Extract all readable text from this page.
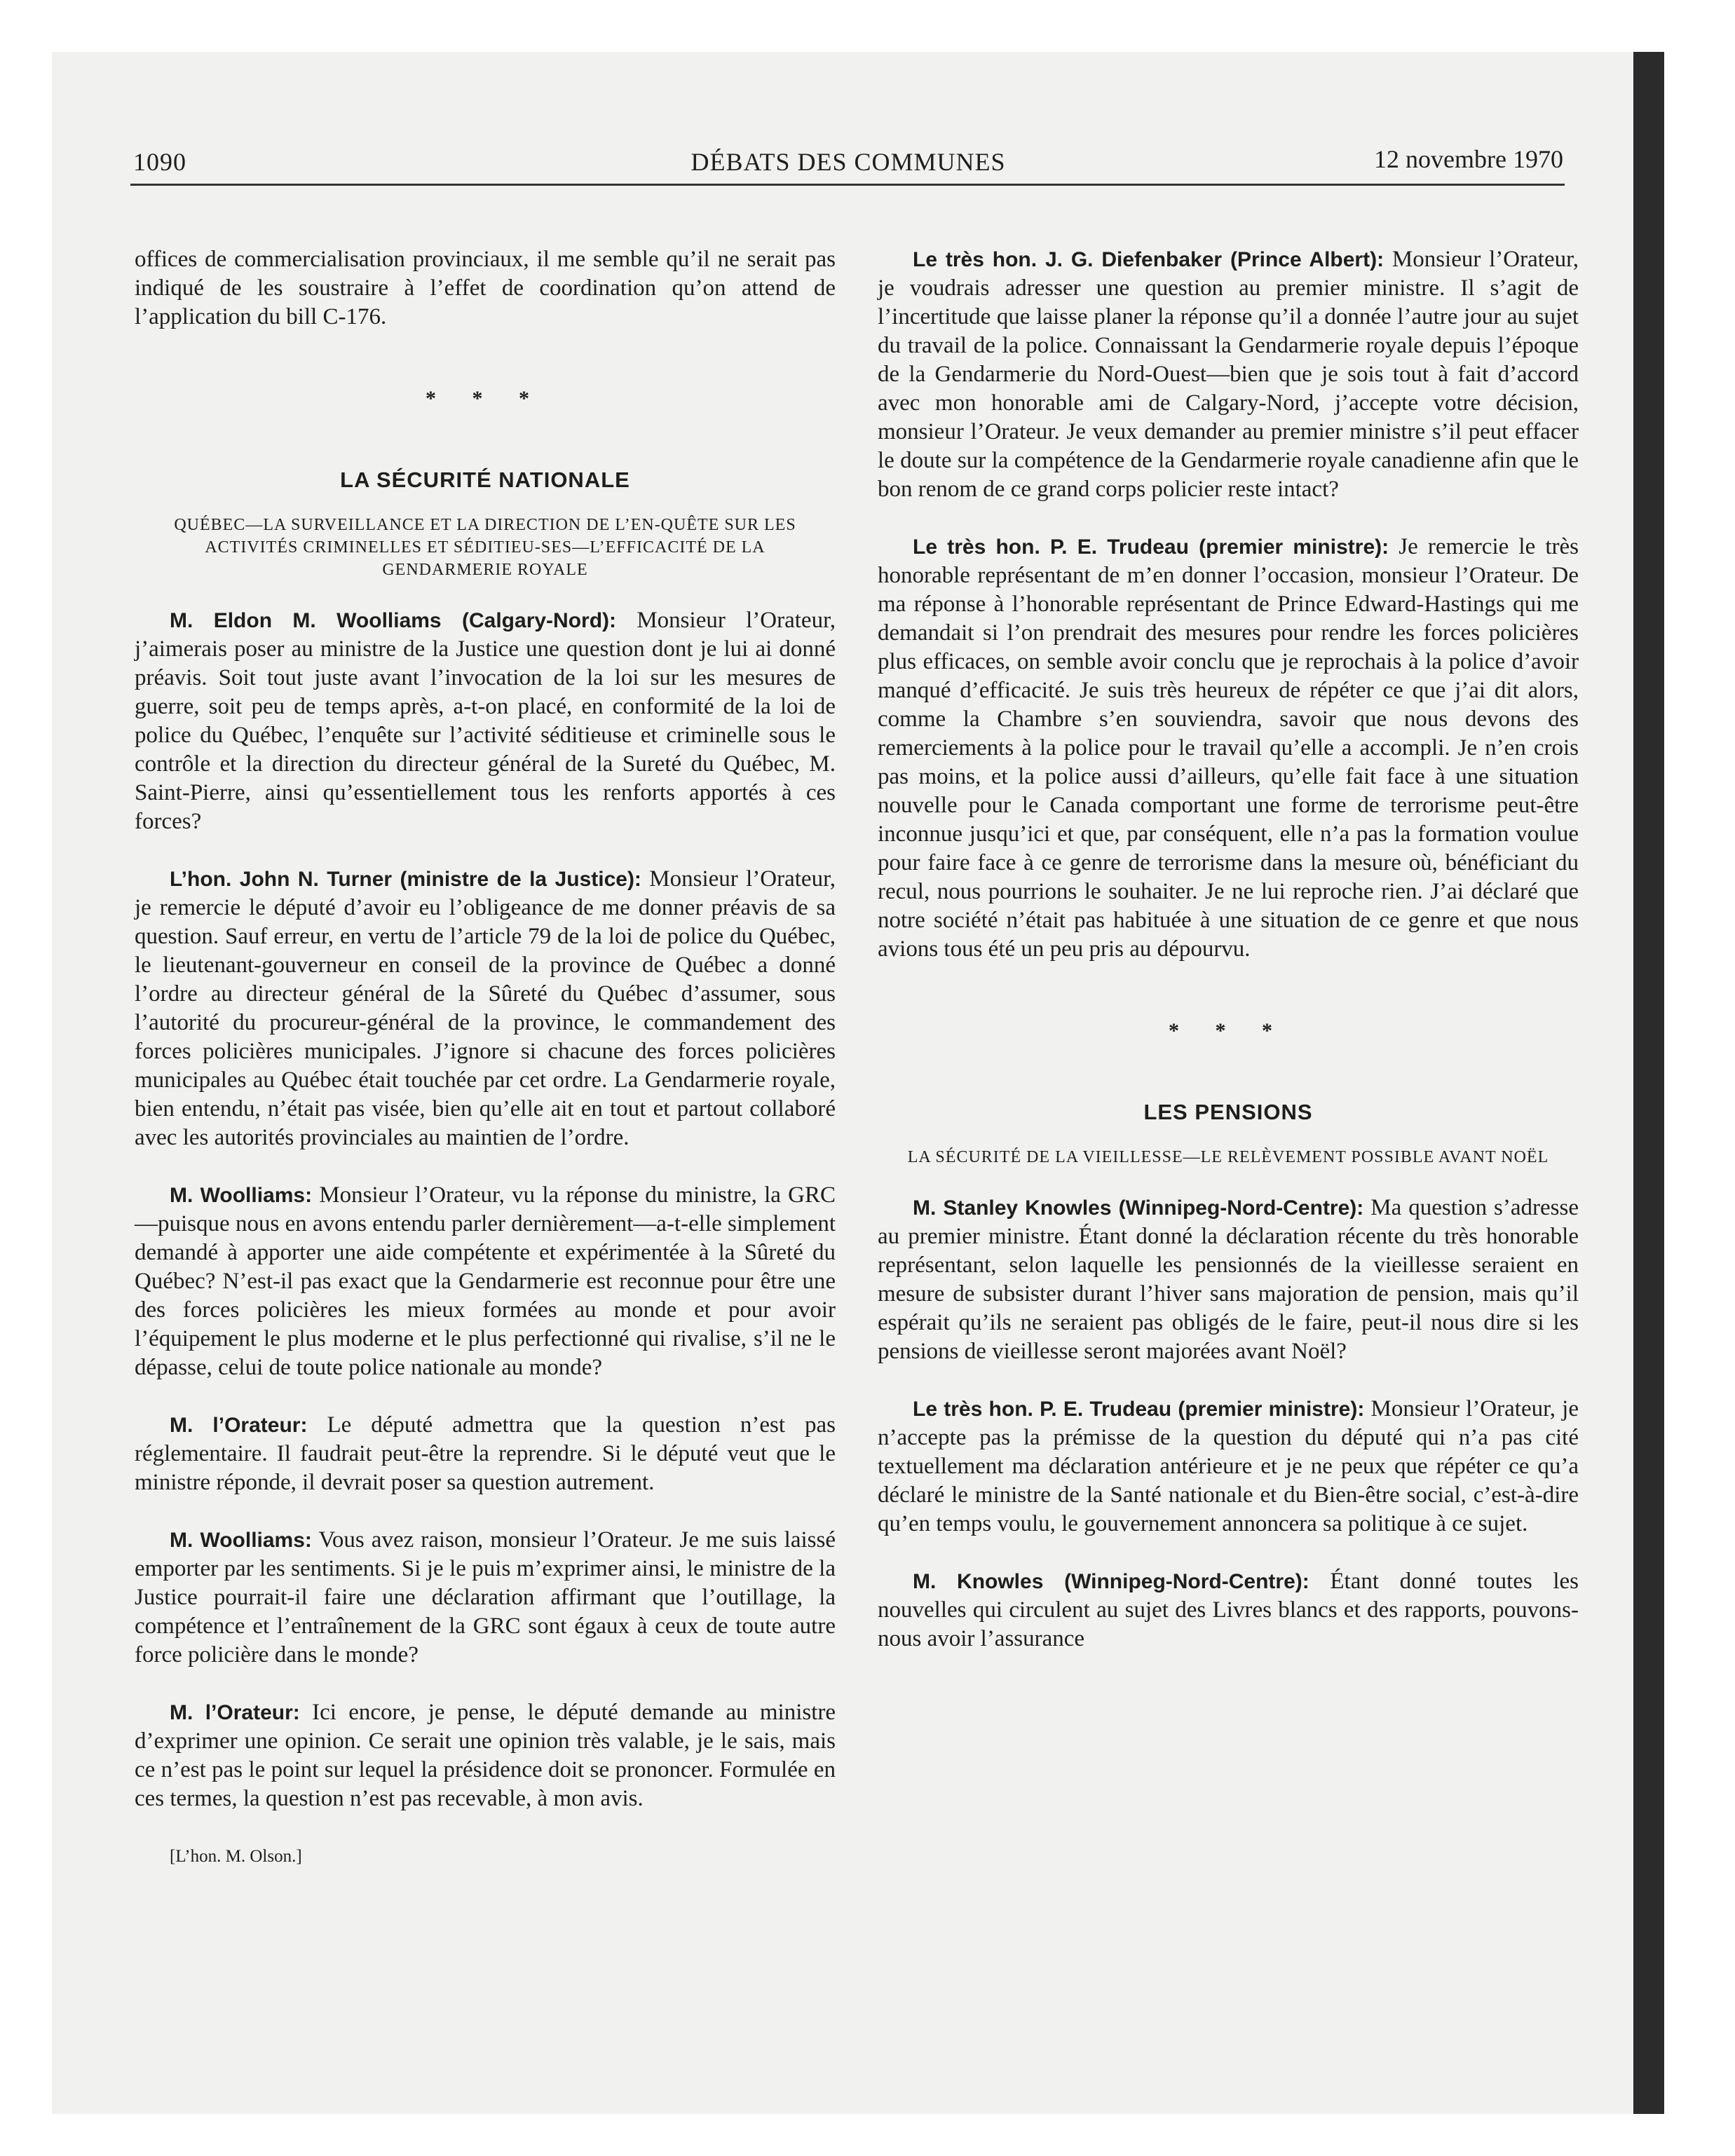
1090	DÉBATS DES COMMUNES	12 novembre 1970

offices de commercialisation provinciaux, il me semble qu’il ne serait pas indiqué de les soustraire à l’effet de coordination qu’on attend de l’application du bill C-176.

* * *
LA SÉCURITÉ NATIONALE
QUÉBEC—LA SURVEILLANCE ET LA DIRECTION DE L’EN-QUÊTE SUR LES ACTIVITÉS CRIMINELLES ET SÉDITIEU-SES—L’EFFICACITÉ DE LA GENDARMERIE ROYALE

M. Eldon M. Woolliams (Calgary-Nord): Monsieur l’Orateur, j’aimerais poser au ministre de la Justice une question dont je lui ai donné préavis. Soit tout juste avant l’invocation de la loi sur les mesures de guerre, soit peu de temps après, a-t-on placé, en conformité de la loi de police du Québec, l’enquête sur l’activité séditieuse et criminelle sous le contrôle et la direction du directeur général de la Sureté du Québec, M. Saint-Pierre, ainsi qu’essentiellement tous les renforts apportés à ces forces?

L’hon. John N. Turner (ministre de la Justice): Monsieur l’Orateur, je remercie le député d’avoir eu l’obligeance de me donner préavis de sa question. Sauf erreur, en vertu de l’article 79 de la loi de police du Québec, le lieutenant-gouverneur en conseil de la province de Québec a donné l’ordre au directeur général de la Sûreté du Québec d’assumer, sous l’autorité du procureur-général de la province, le commandement des forces policières municipales. J’ignore si chacune des forces policières municipales au Québec était touchée par cet ordre. La Gendarmerie royale, bien entendu, n’était pas visée, bien qu’elle ait en tout et partout collaboré avec les autorités provinciales au maintien de l’ordre.

M. Woolliams: Monsieur l’Orateur, vu la réponse du ministre, la GRC—puisque nous en avons entendu parler dernièrement—a-t-elle simplement demandé à apporter une aide compétente et expérimentée à la Sûreté du Québec? N’est-il pas exact que la Gendarmerie est reconnue pour être une des forces policières les mieux formées au monde et pour avoir l’équipement le plus moderne et le plus perfectionné qui rivalise, s’il ne le dépasse, celui de toute police nationale au monde?

M. l’Orateur: Le député admettra que la question n’est pas réglementaire. Il faudrait peut-être la reprendre. Si le député veut que le ministre réponde, il devrait poser sa question autrement.

M. Woolliams: Vous avez raison, monsieur l’Orateur. Je me suis laissé emporter par les sentiments. Si je le puis m’exprimer ainsi, le ministre de la Justice pourrait-il faire une déclaration affirmant que l’outillage, la compétence et l’entraînement de la GRC sont égaux à ceux de toute autre force policière dans le monde?

M. l’Orateur: Ici encore, je pense, le député demande au ministre d’exprimer une opinion. Ce serait une opinion très valable, je le sais, mais ce n’est pas le point sur lequel la présidence doit se prononcer. Formulée en ces termes, la question n’est pas recevable, à mon avis.

[L’hon. M. Olson.]

Le très hon. J. G. Diefenbaker (Prince Albert): Monsieur l’Orateur, je voudrais adresser une question au premier ministre. Il s’agit de l’incertitude que laisse planer la réponse qu’il a donnée l’autre jour au sujet du travail de la police. Connaissant la Gendarmerie royale depuis l’époque de la Gendarmerie du Nord-Ouest—bien que je sois tout à fait d’accord avec mon honorable ami de Calgary-Nord, j’accepte votre décision, monsieur l’Orateur. Je veux demander au premier ministre s’il peut effacer le doute sur la compétence de la Gendarmerie royale canadienne afin que le bon renom de ce grand corps policier reste intact?

Le très hon. P. E. Trudeau (premier ministre): Je remercie le très honorable représentant de m’en donner l’occasion, monsieur l’Orateur. De ma réponse à l’honorable représentant de Prince Edward-Hastings qui me demandait si l’on prendrait des mesures pour rendre les forces policières plus efficaces, on semble avoir conclu que je reprochais à la police d’avoir manqué d’efficacité. Je suis très heureux de répéter ce que j’ai dit alors, comme la Chambre s’en souviendra, savoir que nous devons des remerciements à la police pour le travail qu’elle a accompli. Je n’en crois pas moins, et la police aussi d’ailleurs, qu’elle fait face à une situation nouvelle pour le Canada comportant une forme de terrorisme peut-être inconnue jusqu’ici et que, par conséquent, elle n’a pas la formation voulue pour faire face à ce genre de terrorisme dans la mesure où, bénéficiant du recul, nous pourrions le souhaiter. Je ne lui reproche rien. J’ai déclaré que notre société n’était pas habituée à une situation de ce genre et que nous avions tous été un peu pris au dépourvu.

* * *
LES PENSIONS
LA SÉCURITÉ DE LA VIEILLESSE—LE RELÈVEMENT POSSIBLE AVANT NOËL

M. Stanley Knowles (Winnipeg-Nord-Centre): Ma question s’adresse au premier ministre. Étant donné la déclaration récente du très honorable représentant, selon laquelle les pensionnés de la vieillesse seraient en mesure de subsister durant l’hiver sans majoration de pension, mais qu’il espérait qu’ils ne seraient pas obligés de le faire, peut-il nous dire si les pensions de vieillesse seront majorées avant Noël?

Le très hon. P. E. Trudeau (premier ministre): Monsieur l’Orateur, je n’accepte pas la prémisse de la question du député qui n’a pas cité textuellement ma déclaration antérieure et je ne peux que répéter ce qu’a déclaré le ministre de la Santé nationale et du Bien-être social, c’est-à-dire qu’en temps voulu, le gouvernement annoncera sa politique à ce sujet.

M. Knowles (Winnipeg-Nord-Centre): Étant donné toutes les nouvelles qui circulent au sujet des Livres blancs et des rapports, pouvons-nous avoir l’assurance
